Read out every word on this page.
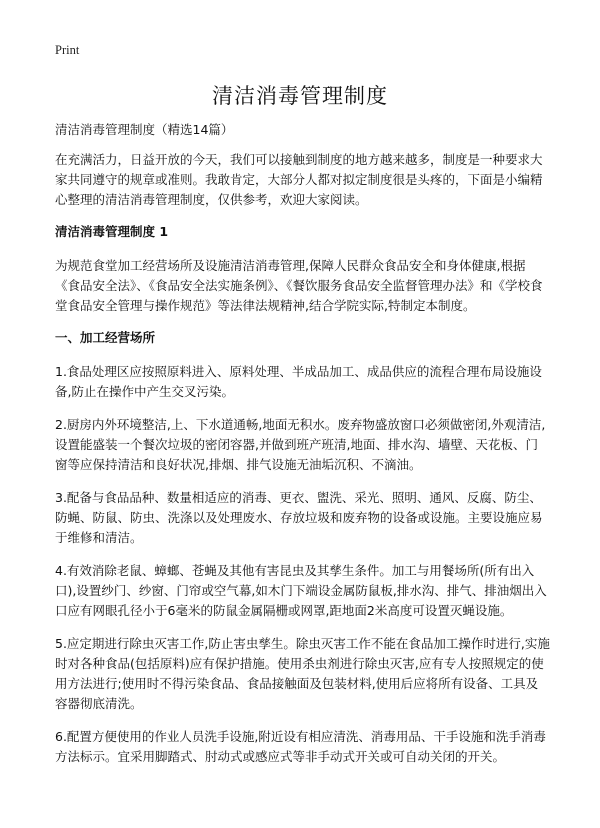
Print
清洁消毒管理制度

清洁消毒管理制度（精选14篇）

在充满活力，日益开放的今天，我们可以接触到制度的地方越来越多，制度是一种要求大家共同遵守的规章或准则。我敢肯定，大部分人都对拟定制度很是头疼的，下面是小编精心整理的清洁消毒管理制度，仅供参考，欢迎大家阅读。

清洁消毒管理制度 1

为规范食堂加工经营场所及设施清洁消毒管理,保障人民群众食品安全和身体健康,根据《食品安全法》、《食品安全法实施条例》、《餐饮服务食品安全监督管理办法》和《学校食堂食品安全管理与操作规范》等法律法规精神,结合学院实际,特制定本制度。

一、加工经营场所

1.食品处理区应按照原料进入、原料处理、半成品加工、成品供应的流程合理布局设施设备,防止在操作中产生交叉污染。

2.厨房内外环境整洁,上、下水道通畅,地面无积水。废弃物盛放窗口必须做密闭,外观清洁,设置能盛装一个餐次垃圾的密闭容器,并做到班产班清,地面、排水沟、墙壁、天花板、门窗等应保持清洁和良好状况,排烟、排气设施无油垢沉积、不滴油。

3.配备与食品品种、数量相适应的消毒、更衣、盥洗、采光、照明、通风、反腐、防尘、防蝇、防鼠、防虫、洗涤以及处理废水、存放垃圾和废弃物的设备或设施。主要设施应易于维修和清洁。

4.有效消除老鼠、蟑螂、苍蝇及其他有害昆虫及其孳生条件。加工与用餐场所(所有出入口),设置纱门、纱窗、门帘或空气幕,如木门下端设金属防鼠板,排水沟、排气、排油烟出入口应有网眼孔径小于6毫米的防鼠金属隔栅或网罩,距地面2米高度可设置灭蝇设施。

5.应定期进行除虫灭害工作,防止害虫孳生。除虫灭害工作不能在食品加工操作时进行,实施时对各种食品(包括原料)应有保护措施。使用杀虫剂进行除虫灭害,应有专人按照规定的使用方法进行;使用时不得污染食品、食品接触面及包装材料,使用后应将所有设备、工具及容器彻底清洗。

6.配置方便使用的作业人员洗手设施,附近设有相应清洗、消毒用品、干手设施和洗手消毒方法标示。宜采用脚踏式、肘动式或感应式等非手动式开关或可自动关闭的开关。
